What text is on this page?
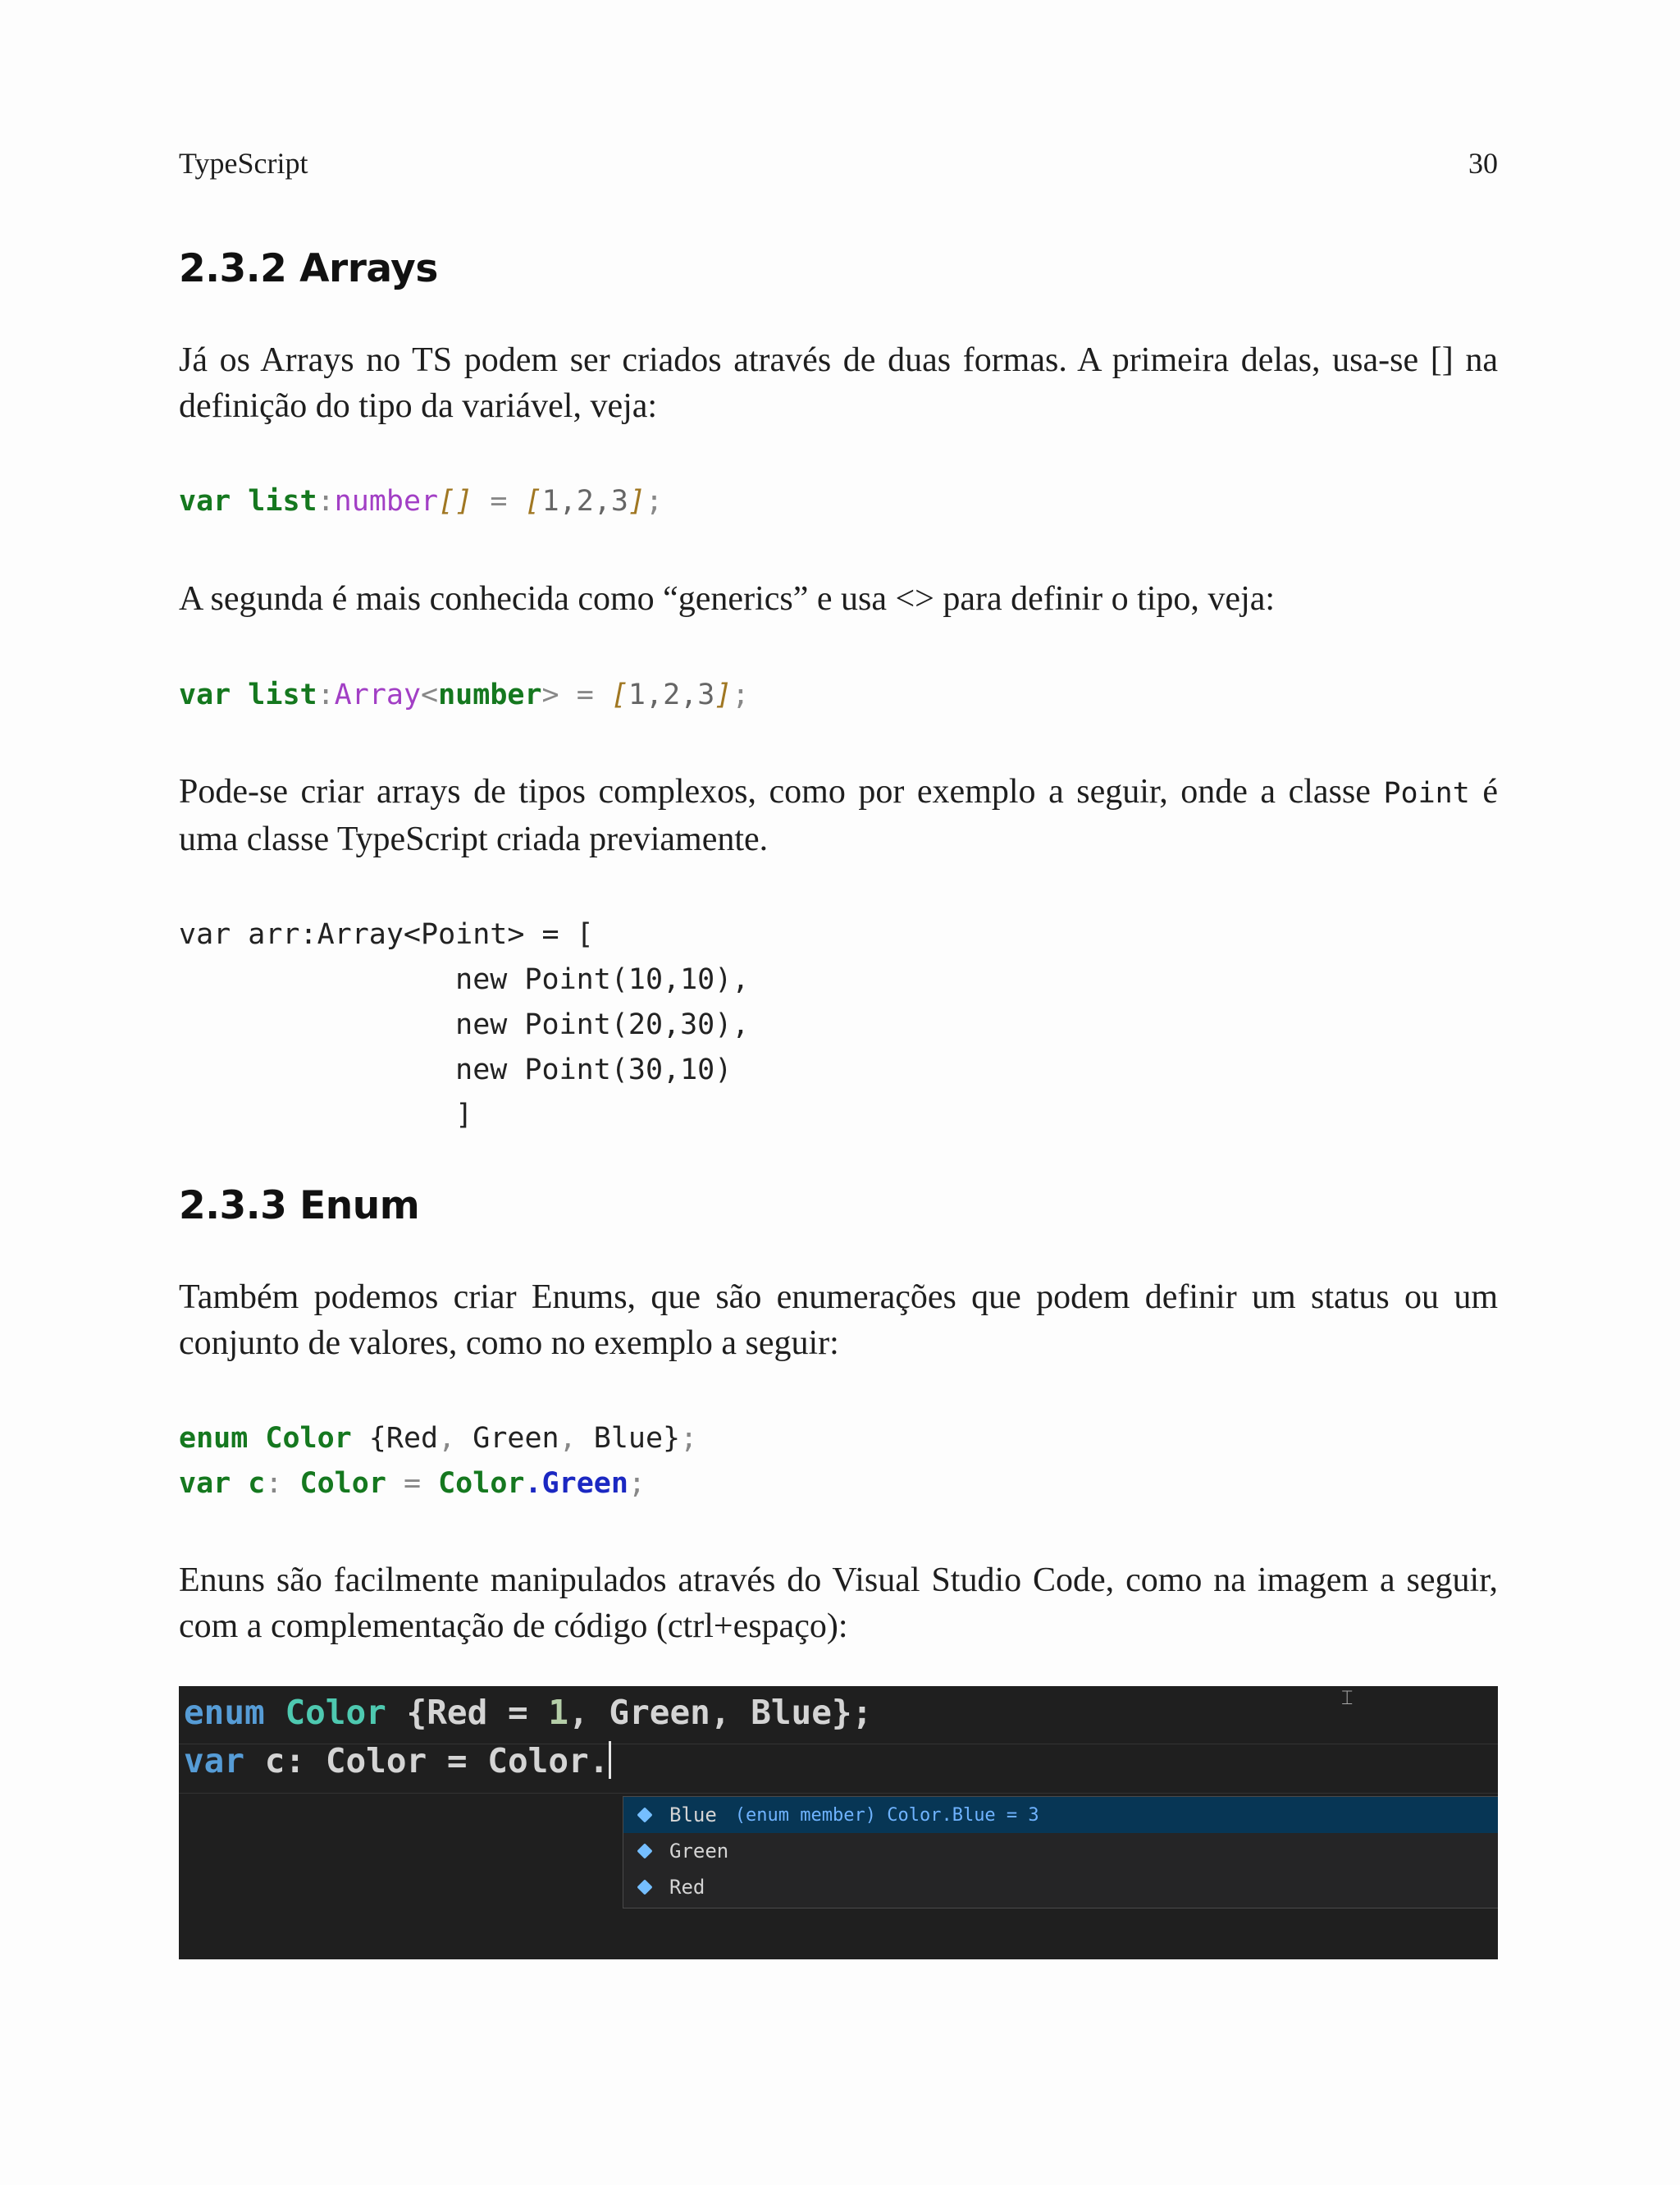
TypeScript	30
2.3.2 Arrays

Já os Arrays no TS podem ser criados através de duas formas. A primeira delas, usa-se [] na definição do tipo da variável, veja:

var list:number[] = [1,2,3];

A segunda é mais conhecida como “generics” e usa <> para definir o tipo, veja:

var list:Array<number> = [1,2,3];

Pode-se criar arrays de tipos complexos, como por exemplo a seguir, onde a classe Point é uma classe TypeScript criada previamente.

var arr:Array<Point> = [
new Point(10,10),
new Point(20,30),
new Point(30,10)
]
2.3.3 Enum

Também podemos criar Enums, que são enumerações que podem definir um status ou um conjunto de valores, como no exemplo a seguir:

enum Color {Red, Green, Blue};
var c: Color = Color.Green;

Enuns são facilmente manipulados através do Visual Studio Code, como na imagem a seguir, com a complementação de código (ctrl+espaço):

⌶
enum Color {Red = 1, Green, Blue};
var c: Color = Color.
Blue (enum member) Color.Blue = 3
Green
Red
